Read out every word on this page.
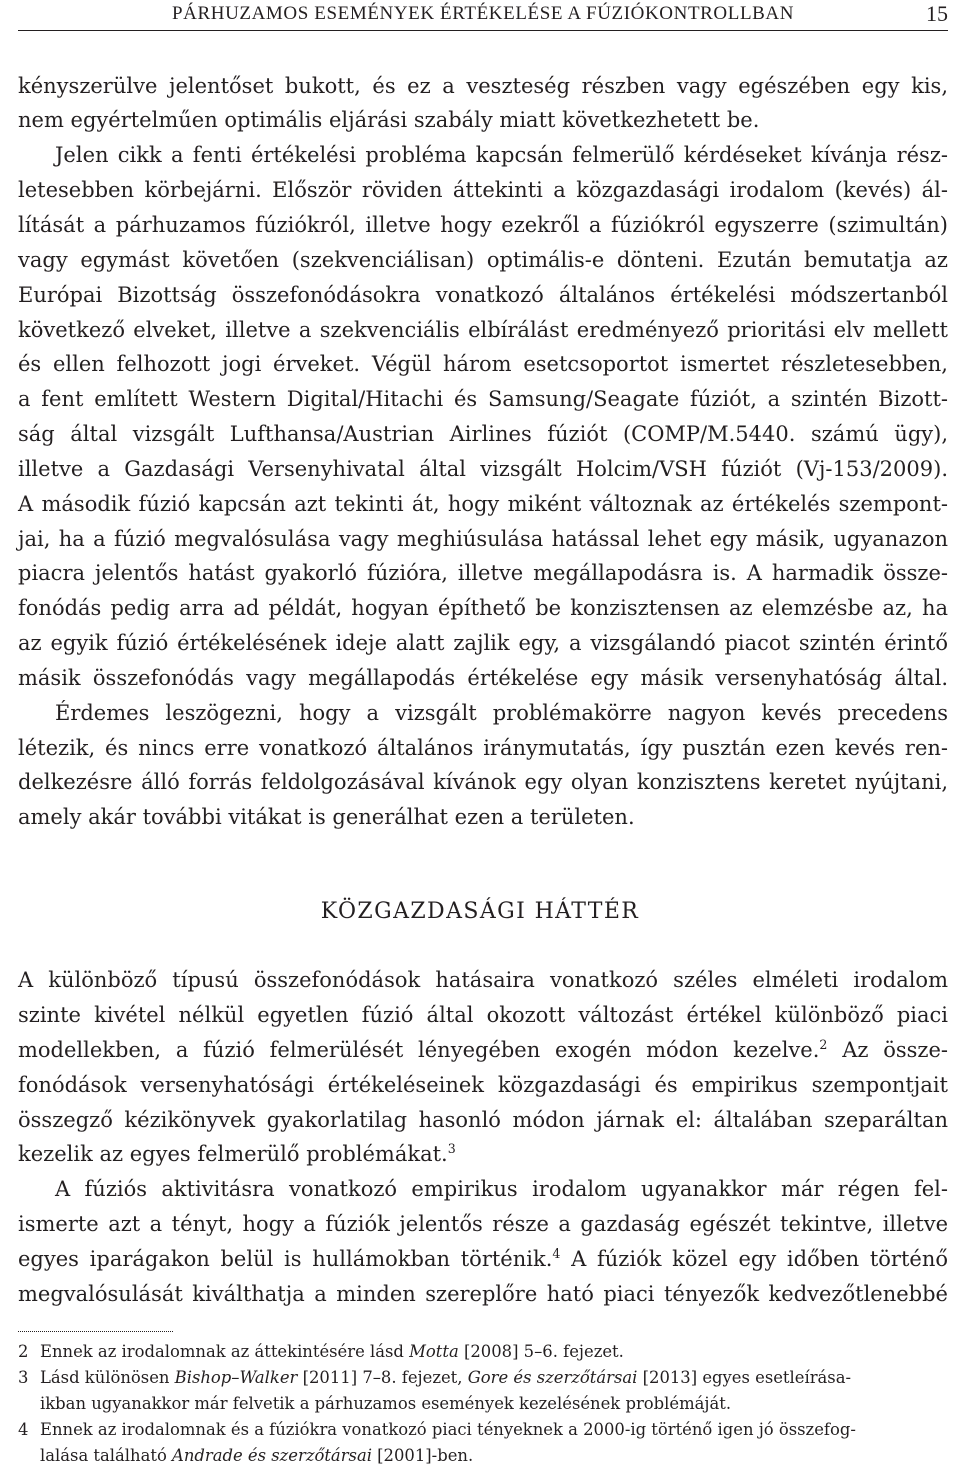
PÁRHUZAMOS ESEMÉNYEK ÉRTÉKELÉSE A FÚZIÓKONTROLLBAN	15
kényszerülve jelentőset bukott, és ez a veszteség részben vagy egészében egy kis,
nem egyértelműen optimális eljárási szabály miatt következhetett be.
Jelen cikk a fenti értékelési probléma kapcsán felmerülő kérdéseket kívánja rész-
letesebben körbejárni. Először röviden áttekinti a közgazdasági irodalom (kevés) ál-
lítását a párhuzamos fúziókról, illetve hogy ezekről a fúziókról egyszerre (szimultán)
vagy egymást követően (szekvenciálisan) optimális-e dönteni. Ezután bemutatja az
Európai Bizottság összefonódásokra vonatkozó általános értékelési módszertanból
következő elveket, illetve a szekvenciális elbírálást eredményező prioritási elv mellett
és ellen felhozott jogi érveket. Végül három esetcsoportot ismertet részletesebben,
a fent említett Western Digital/Hitachi és Samsung/Seagate fúziót, a szintén Bizott-
ság által vizsgált Lufthansa/Austrian Airlines fúziót (COMP/M.5440. számú ügy),
illetve a Gazdasági Versenyhivatal által vizsgált Holcim/VSH fúziót (Vj-153/2009).
A második fúzió kapcsán azt tekinti át, hogy miként változnak az értékelés szempont-
jai, ha a fúzió megvalósulása vagy meghiúsulása hatással lehet egy másik, ugyanazon
piacra jelentős hatást gyakorló fúzióra, illetve megállapodásra is. A harmadik össze-
fonódás pedig arra ad példát, hogyan építhető be konzisztensen az elemzésbe az, ha
az egyik fúzió értékelésének ideje alatt zajlik egy, a vizsgálandó piacot szintén érintő
másik összefonódás vagy megállapodás értékelése egy másik versenyhatóság által.
Érdemes leszögezni, hogy a vizsgált problémakörre nagyon kevés precedens
létezik, és nincs erre vonatkozó általános iránymutatás, így pusztán ezen kevés ren-
delkezésre álló forrás feldolgozásával kívánok egy olyan konzisztens keretet nyújtani,
amely akár további vitákat is generálhat ezen a területen.
KÖZGAZDASÁGI HÁTTÉR
A különböző típusú összefonódások hatásaira vonatkozó széles elméleti irodalom
szinte kivétel nélkül egyetlen fúzió által okozott változást értékel különböző piaci
modellekben, a fúzió felmerülését lényegében exogén módon kezelve.$^2$ Az össze-
fonódások versenyhatósági értékeléseinek közgazdasági és empirikus szempontjait
összegző kézikönyvek gyakorlatilag hasonló módon járnak el: általában szeparáltan
kezelik az egyes felmerülő problémákat.$^3$
A fúziós aktivitásra vonatkozó empirikus irodalom ugyanakkor már régen fel-
ismerte azt a tényt, hogy a fúziók jelentős része a gazdaság egészét tekintve, illetve
egyes iparágakon belül is hullámokban történik.$^4$ A fúziók közel egy időben történő
megvalósulását kiválthatja a minden szereplőre ható piaci tényezők kedvezőtlenebbé
2 Ennek az irodalomnak az áttekintésére lásd Motta [2008] 5–6. fejezet.
3 Lásd különösen Bishop–Walker [2011] 7–8. fejezet, Gore és szerzőtársai [2013] egyes esetleírása-
ikban ugyanakkor már felvetik a párhuzamos események kezelésének problémáját.
4 Ennek az irodalomnak és a fúziókra vonatkozó piaci tényeknek a 2000-ig történő igen jó összefog-
lalása található Andrade és szerzőtársai [2001]-ben.
